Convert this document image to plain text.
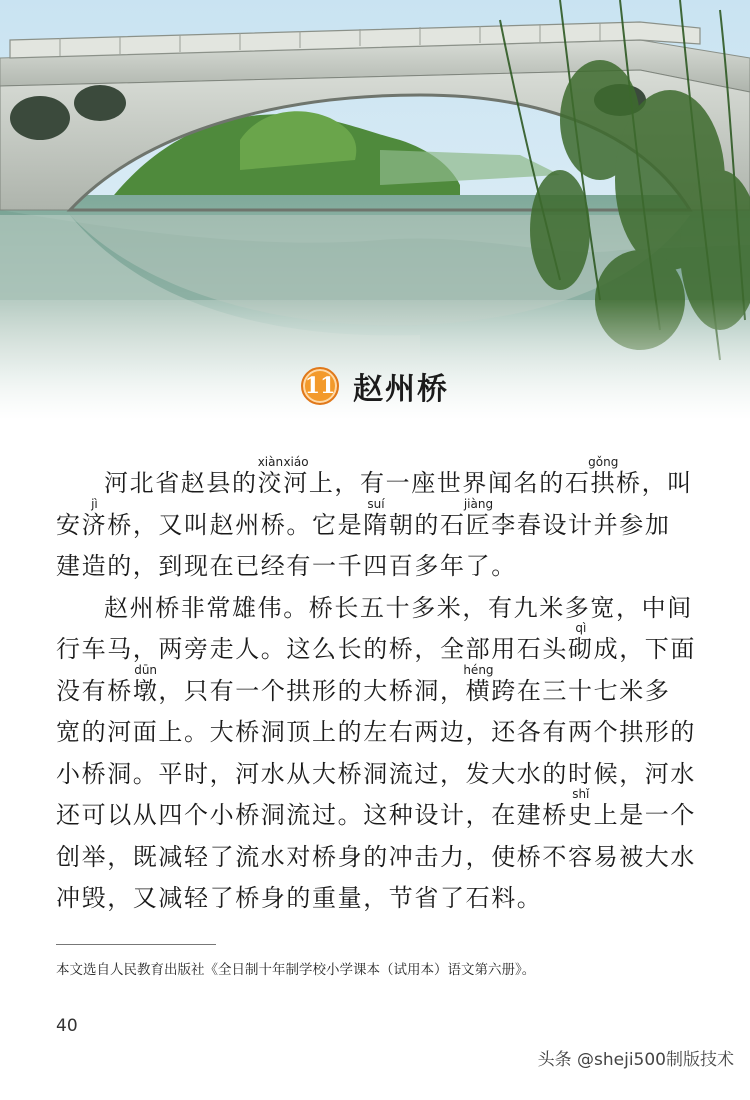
11 赵州桥

河北省赵县的洨xiàn河xiáo上，有一座世界闻名的石拱gǒng桥，叫安济jì桥，又叫赵州桥。它是隋suí朝的石匠jiàng李春设计并参加建造的，到现在已经有一千四百多年了。

赵州桥非常雄伟。桥长五十多米，有九米多宽，中间行车马，两旁走人。这么长的桥，全部用石头砌qì成，下面没有桥墩dūn，只有一个拱形的大桥洞，横héng跨在三十七米多宽的河面上。大桥洞顶上的左右两边，还各有两个拱形的小桥洞。平时，河水从大桥洞流过，发大水的时候，河水还可以从四个小桥洞流过。这种设计，在建桥史shǐ上是一个创举，既减轻了流水对桥身的冲击力，使桥不容易被大水冲毁，又减轻了桥身的重量，节省了石料。

本文选自人民教育出版社《全日制十年制学校小学课本（试用本）语文第六册》。
40
头条 @sheji500制版技术
